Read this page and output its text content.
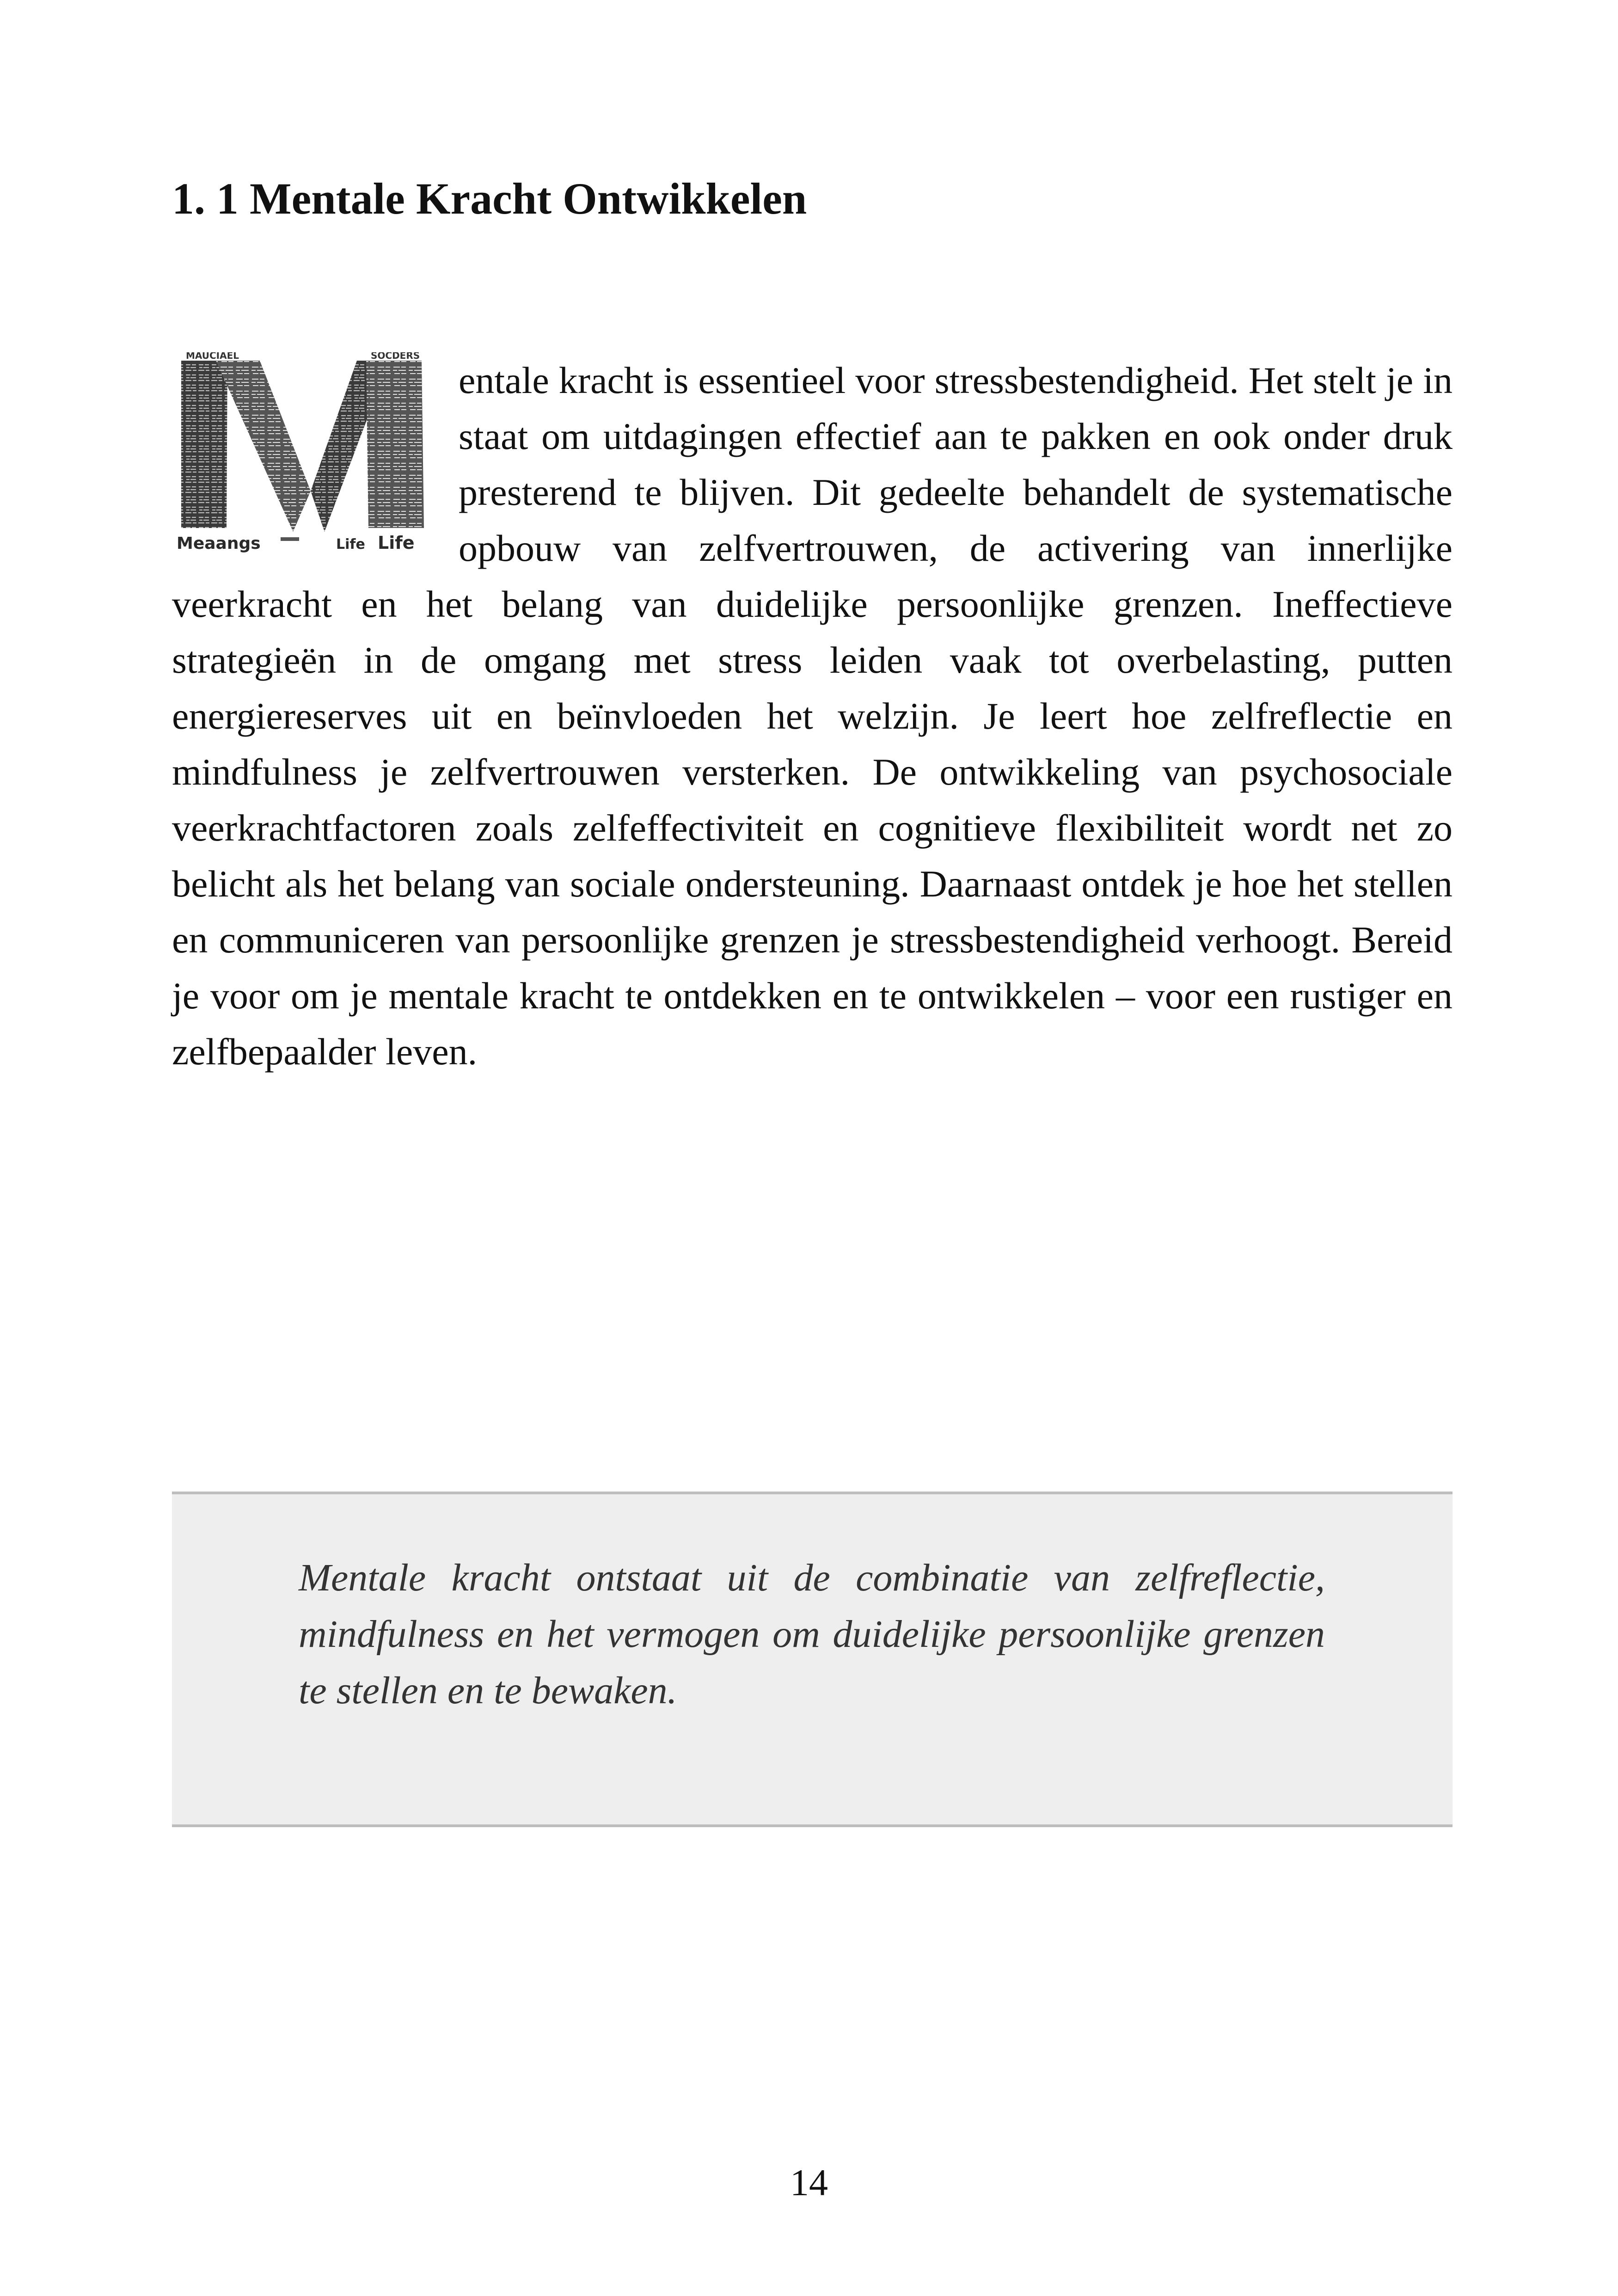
1. 1 Mentale Kracht Ontwikkelen

MAUCIAEL	SOCDERS
Meaangs	Life Life
entale kracht is essentieel voor stressbestendigheid. Het stelt je in staat om uitdagingen effectief aan te pakken en ook onder druk presterend te blijven. Dit gedeelte behandelt de systematische opbouw van zelfvertrouwen, de activering van innerlijke veerkracht en het belang van duidelijke persoonlijke grenzen. Ineffectieve strategieën in de omgang met stress leiden vaak tot overbelasting, putten energiereserves uit en beïnvloeden het welzijn. Je leert hoe zelfreflectie en mindfulness je zelfvertrouwen versterken. De ontwikkeling van psychosociale veerkrachtfactoren zoals zelfeffectiviteit en cognitieve flexibiliteit wordt net zo belicht als het belang van sociale ondersteuning. Daarnaast ontdek je hoe het stellen en communiceren van persoonlijke grenzen je stressbestendigheid verhoogt. Bereid je voor om je mentale kracht te ontdekken en te ontwikkelen – voor een rustiger en zelfbepaalder leven.

Mentale kracht ontstaat uit de combinatie van zelfreflectie, mindfulness en het vermogen om duidelijke persoonlijke grenzen te stellen en te bewaken.

14
